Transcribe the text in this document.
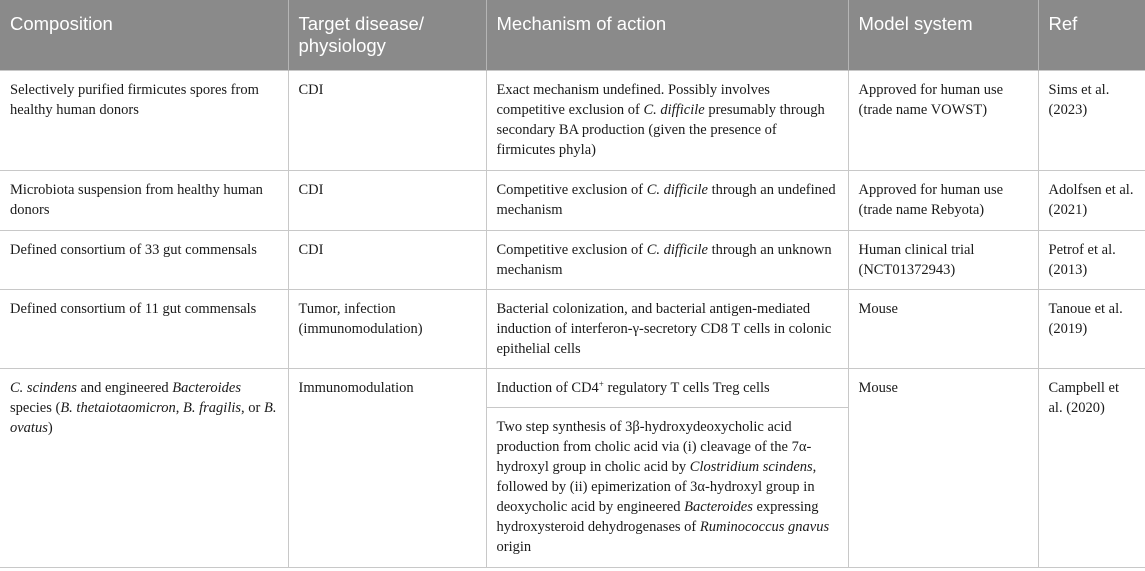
Composition	Target disease/ physiology	Mechanism of action	Model system	Ref
Selectively purified firmicutes spores from healthy human donors	CDI	Exact mechanism undefined. Possibly involves competitive exclusion of C. difficile presumably through secondary BA production (given the presence of firmicutes phyla)	Approved for human use (trade name VOWST)	Sims et al. (2023)
Microbiota suspension from healthy human donors	CDI	Competitive exclusion of C. difficile through an undefined mechanism	Approved for human use (trade name Rebyota)	Adolfsen et al. (2021)
Defined consortium of 33 gut commensals	CDI	Competitive exclusion of C. difficile through an unknown mechanism	Human clinical trial (NCT01372943)	Petrof et al. (2013)
Defined consortium of 11 gut commensals	Tumor, infection (immunomodulation)	Bacterial colonization, and bacterial antigen-mediated induction of interferon-γ-secretory CD8 T cells in colonic epithelial cells	Mouse	Tanoue et al. (2019)
C. scindens and engineered Bacteroides species (B. thetaiotaomicron, B. fragilis, or B. ovatus)	Immunomodulation	Induction of CD4+ regulatory T cells Treg cells	Mouse	Campbell et al. (2020)
		Two step synthesis of 3β-hydroxydeoxycholic acid production from cholic acid via (i) cleavage of the 7α-hydroxyl group in cholic acid by Clostridium scindens, followed by (ii) epimerization of 3α-hydroxyl group in deoxycholic acid by engineered Bacteroides expressing hydroxysteroid dehydrogenases of Ruminococcus gnavus origin		
